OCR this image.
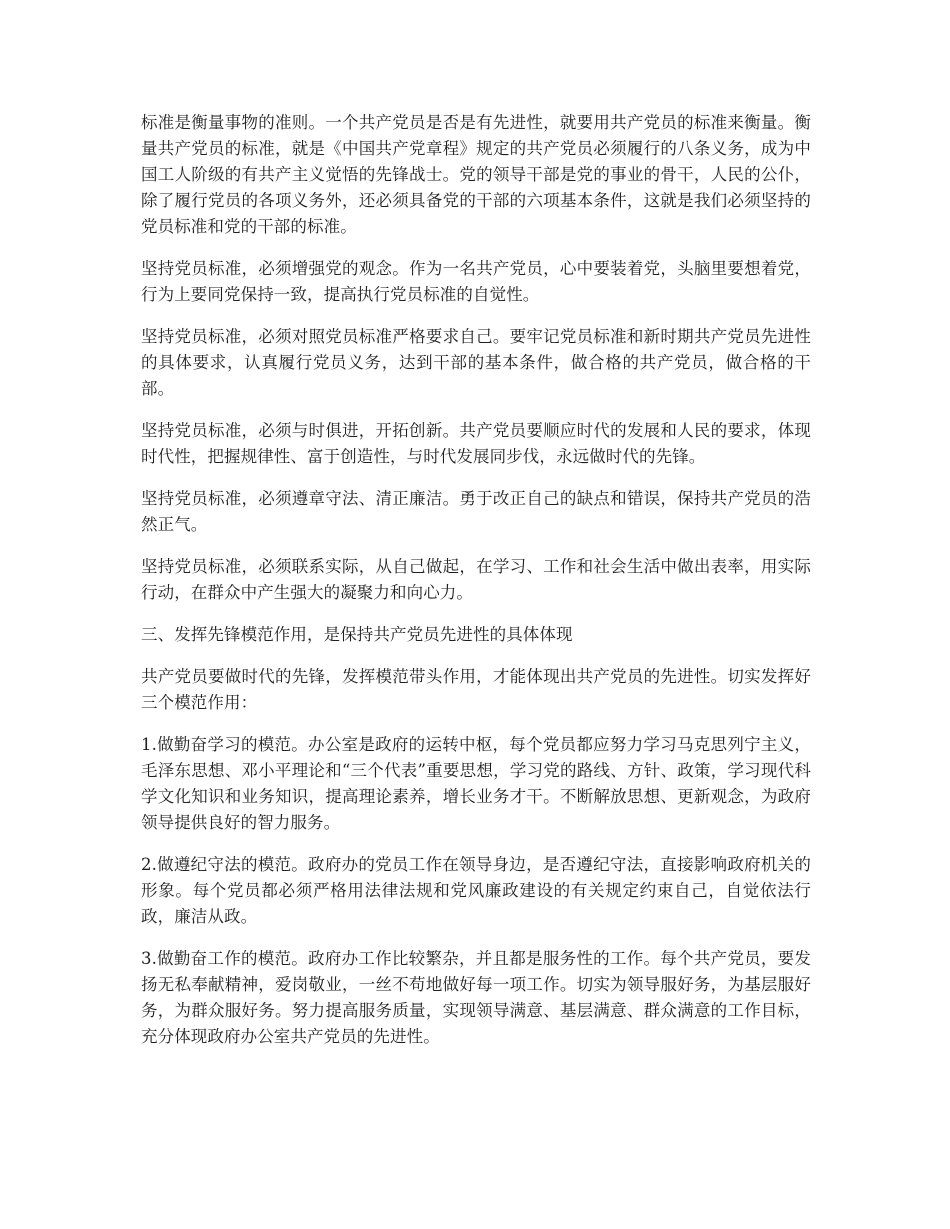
标准是衡量事物的准则。一个共产党员是否是有先进性，就要用共产党员的标准来衡量。衡量共产党员的标准，就是《中国共产党章程》规定的共产党员必须履行的八条义务，成为中国工人阶级的有共产主义觉悟的先锋战士。党的领导干部是党的事业的骨干，人民的公仆，除了履行党员的各项义务外，还必须具备党的干部的六项基本条件，这就是我们必须坚持的党员标准和党的干部的标准。

坚持党员标准，必须增强党的观念。作为一名共产党员，心中要装着党，头脑里要想着党，行为上要同党保持一致，提高执行党员标准的自觉性。

坚持党员标准，必须对照党员标准严格要求自己。要牢记党员标准和新时期共产党员先进性的具体要求，认真履行党员义务，达到干部的基本条件，做合格的共产党员，做合格的干部。

坚持党员标准，必须与时俱进，开拓创新。共产党员要顺应时代的发展和人民的要求，体现时代性，把握规律性、富于创造性，与时代发展同步伐，永远做时代的先锋。

坚持党员标准，必须遵章守法、清正廉洁。勇于改正自己的缺点和错误，保持共产党员的浩然正气。

坚持党员标准，必须联系实际，从自己做起，在学习、工作和社会生活中做出表率，用实际行动，在群众中产生强大的凝聚力和向心力。

三、发挥先锋模范作用，是保持共产党员先进性的具体体现

共产党员要做时代的先锋，发挥模范带头作用，才能体现出共产党员的先进性。切实发挥好三个模范作用：

1.做勤奋学习的模范。办公室是政府的运转中枢，每个党员都应努力学习马克思列宁主义，毛泽东思想、邓小平理论和“三个代表”重要思想，学习党的路线、方针、政策，学习现代科学文化知识和业务知识，提高理论素养，增长业务才干。不断解放思想、更新观念，为政府领导提供良好的智力服务。

2.做遵纪守法的模范。政府办的党员工作在领导身边，是否遵纪守法，直接影响政府机关的形象。每个党员都必须严格用法律法规和党风廉政建设的有关规定约束自己，自觉依法行政，廉洁从政。

3.做勤奋工作的模范。政府办工作比较繁杂，并且都是服务性的工作。每个共产党员，要发扬无私奉献精神，爱岗敬业，一丝不苟地做好每一项工作。切实为领导服好务，为基层服好务，为群众服好务。努力提高服务质量，实现领导满意、基层满意、群众满意的工作目标，充分体现政府办公室共产党员的先进性。
